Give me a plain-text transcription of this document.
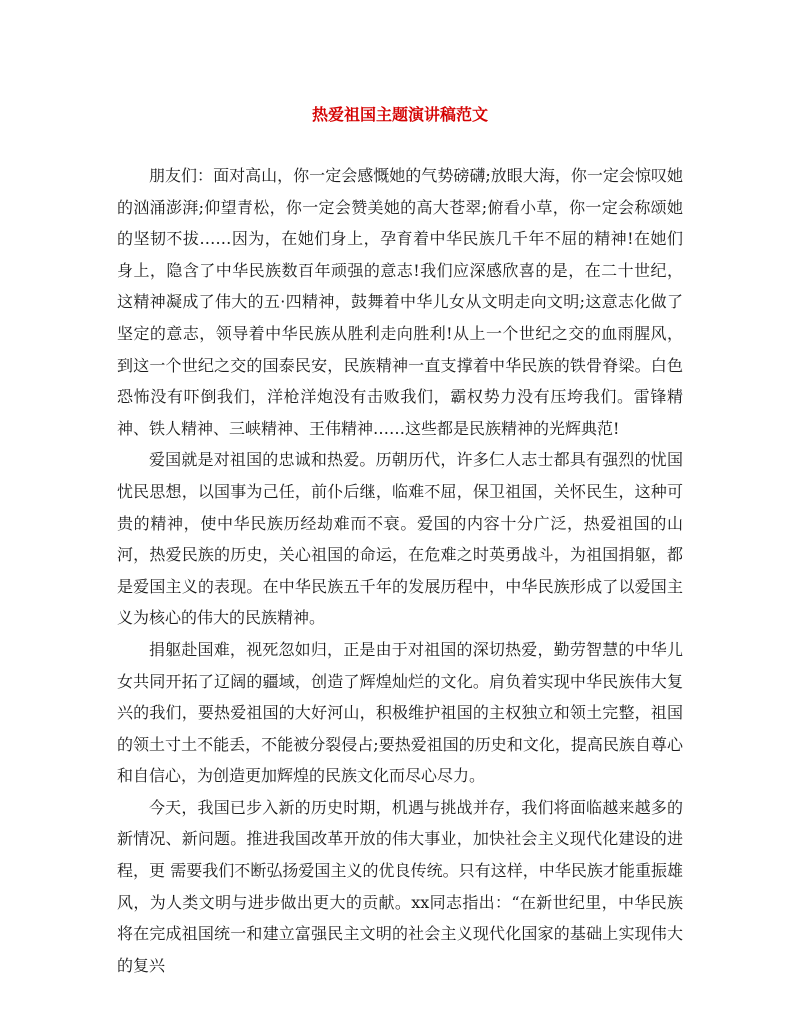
热爱祖国主题演讲稿范文

朋友们：面对高山，你一定会感慨她的气势磅礴;放眼大海，你一定会惊叹她的汹涌澎湃;仰望青松，你一定会赞美她的高大苍翠;俯看小草，你一定会称颂她的坚韧不拔……因为，在她们身上，孕育着中华民族几千年不屈的精神!在她们身上，隐含了中华民族数百年顽强的意志!我们应深感欣喜的是，在二十世纪，这精神凝成了伟大的五·四精神，鼓舞着中华儿女从文明走向文明;这意志化做了坚定的意志，领导着中华民族从胜利走向胜利!从上一个世纪之交的血雨腥风，到这一个世纪之交的国泰民安，民族精神一直支撑着中华民族的铁骨脊梁。白色恐怖没有吓倒我们，洋枪洋炮没有击败我们，霸权势力没有压垮我们。雷锋精神、铁人精神、三峡精神、王伟精神……这些都是民族精神的光辉典范!

爱国就是对祖国的忠诚和热爱。历朝历代，许多仁人志士都具有强烈的忧国忧民思想，以国事为己任，前仆后继，临难不屈，保卫祖国，关怀民生，这种可贵的精神，使中华民族历经劫难而不衰。爱国的内容十分广泛，热爱祖国的山河，热爱民族的历史，关心祖国的命运，在危难之时英勇战斗，为祖国捐躯，都是爱国主义的表现。在中华民族五千年的发展历程中，中华民族形成了以爱国主义为核心的伟大的民族精神。

捐躯赴国难，视死忽如归，正是由于对祖国的深切热爱，勤劳智慧的中华儿女共同开拓了辽阔的疆域，创造了辉煌灿烂的文化。肩负着实现中华民族伟大复兴的我们，要热爱祖国的大好河山，积极维护祖国的主权独立和领土完整，祖国的领土寸土不能丢，不能被分裂侵占;要热爱祖国的历史和文化，提高民族自尊心和自信心，为创造更加辉煌的民族文化而尽心尽力。

今天，我国已步入新的历史时期，机遇与挑战并存，我们将面临越来越多的新情况、新问题。推进我国改革开放的伟大事业，加快社会主义现代化建设的进程，更 需要我们不断弘扬爱国主义的优良传统。只有这样，中华民族才能重振雄风，为人类文明与进步做出更大的贡献。xx同志指出：“在新世纪里，中华民族将在完成祖国统一和建立富强民主文明的社会主义现代化国家的基础上实现伟大的复兴
